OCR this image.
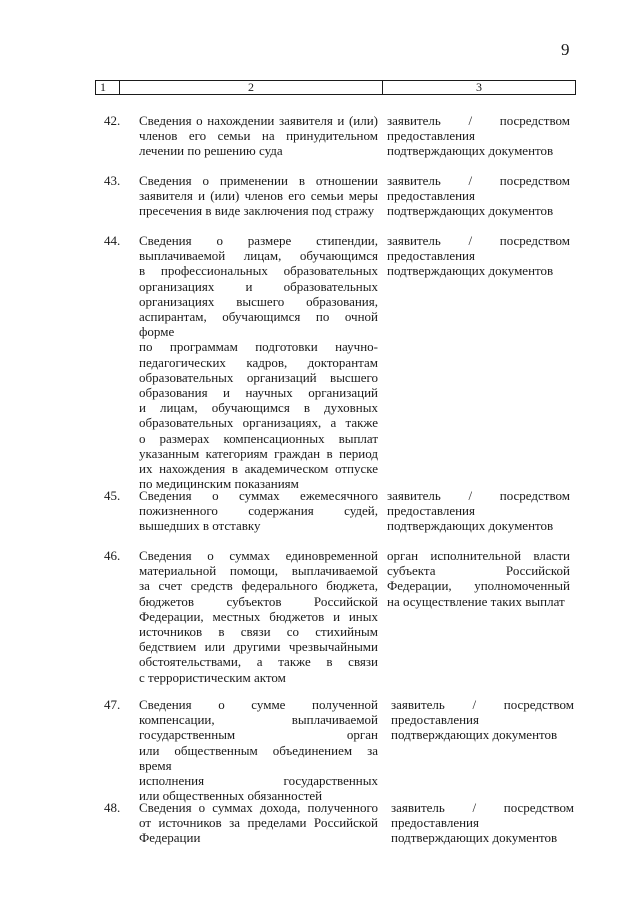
9
1	2	3
42. Сведения о нахождении заявителя и (или)
членов его семьи на принудительном
лечении по решению суда
заявитель / посредством
предоставления
подтверждающих документов
43. Сведения о применении в отношении
заявителя и (или) членов его семьи меры
пресечения в виде заключения под стражу
заявитель / посредством
предоставления
подтверждающих документов
44. Сведения о размере стипендии,
выплачиваемой лицам, обучающимся
в профессиональных образовательных
организациях и образовательных
организациях высшего образования,
аспирантам, обучающимся по очной форме
по программам подготовки научно-
педагогических кадров, докторантам
образовательных организаций высшего
образования и научных организаций
и лицам, обучающимся в духовных
образовательных организациях, а также
о размерах компенсационных выплат
указанным категориям граждан в период
их нахождения в академическом отпуске
по медицинским показаниям
заявитель / посредством
предоставления
подтверждающих документов
45. Сведения о суммах ежемесячного
пожизненного содержания судей,
вышедших в отставку
заявитель / посредством
предоставления
подтверждающих документов
46. Сведения о суммах единовременной
материальной помощи, выплачиваемой
за счет средств федерального бюджета,
бюджетов субъектов Российской
Федерации, местных бюджетов и иных
источников в связи со стихийным
бедствием или другими чрезвычайными
обстоятельствами, а также в связи
с террористическим актом
орган исполнительной власти
субъекта Российской
Федерации, уполномоченный
на осуществление таких выплат
47. Сведения о сумме полученной
компенсации, выплачиваемой
государственным орган
или общественным объединением за время
исполнения государственных
или общественных обязанностей
заявитель / посредством
предоставления
подтверждающих документов
48. Сведения о суммах дохода, полученного
от источников за пределами Российской
Федерации
заявитель / посредством
предоставления
подтверждающих документов
